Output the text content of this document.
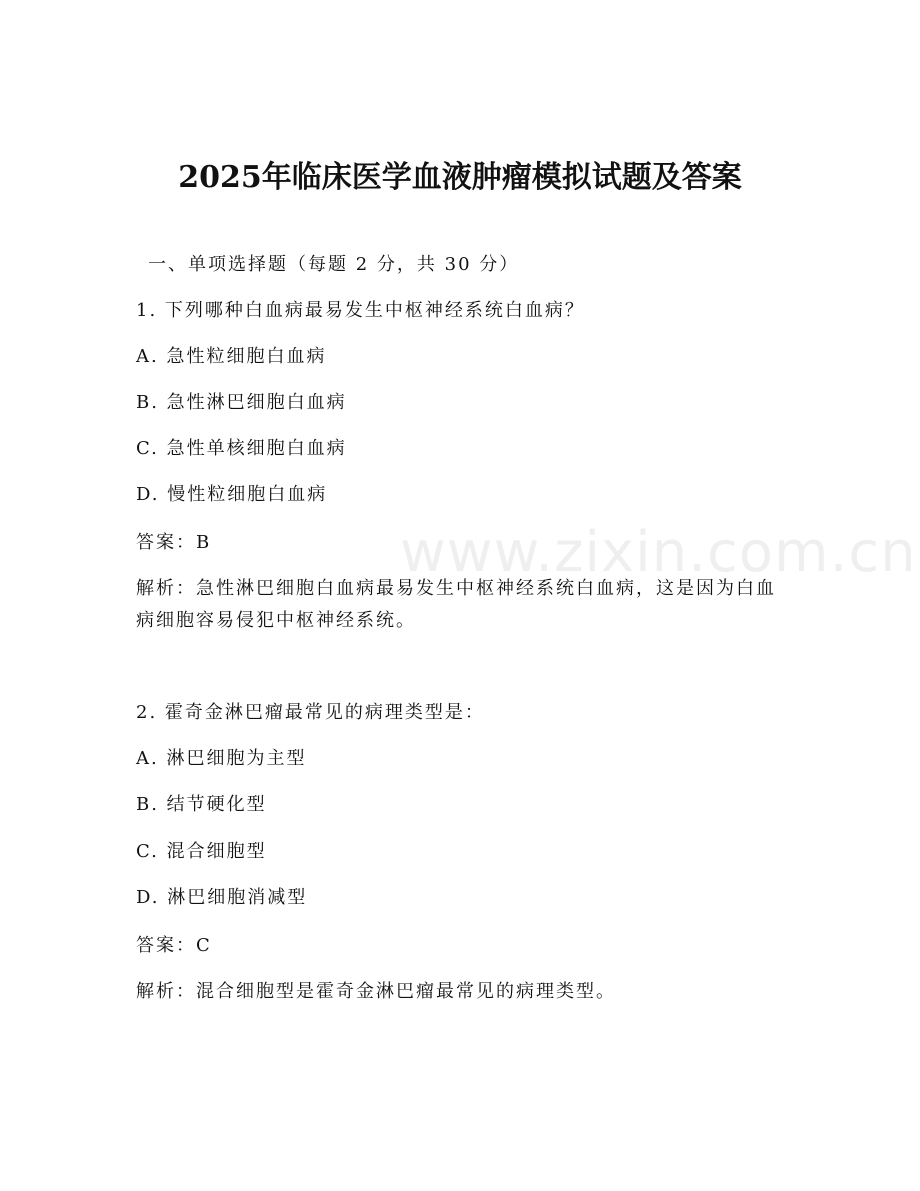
www.zixin.com.cn
2025年临床医学血液肿瘤模拟试题及答案
一、单项选择题（每题 2 分，共 30 分）
1. 下列哪种白血病最易发生中枢神经系统白血病？
A. 急性粒细胞白血病
B. 急性淋巴细胞白血病
C. 急性单核细胞白血病
D. 慢性粒细胞白血病
答案：B
解析：急性淋巴细胞白血病最易发生中枢神经系统白血病，这是因为白血病细胞容易侵犯中枢神经系统。
2. 霍奇金淋巴瘤最常见的病理类型是：
A. 淋巴细胞为主型
B. 结节硬化型
C. 混合细胞型
D. 淋巴细胞消减型
答案：C
解析：混合细胞型是霍奇金淋巴瘤最常见的病理类型。
